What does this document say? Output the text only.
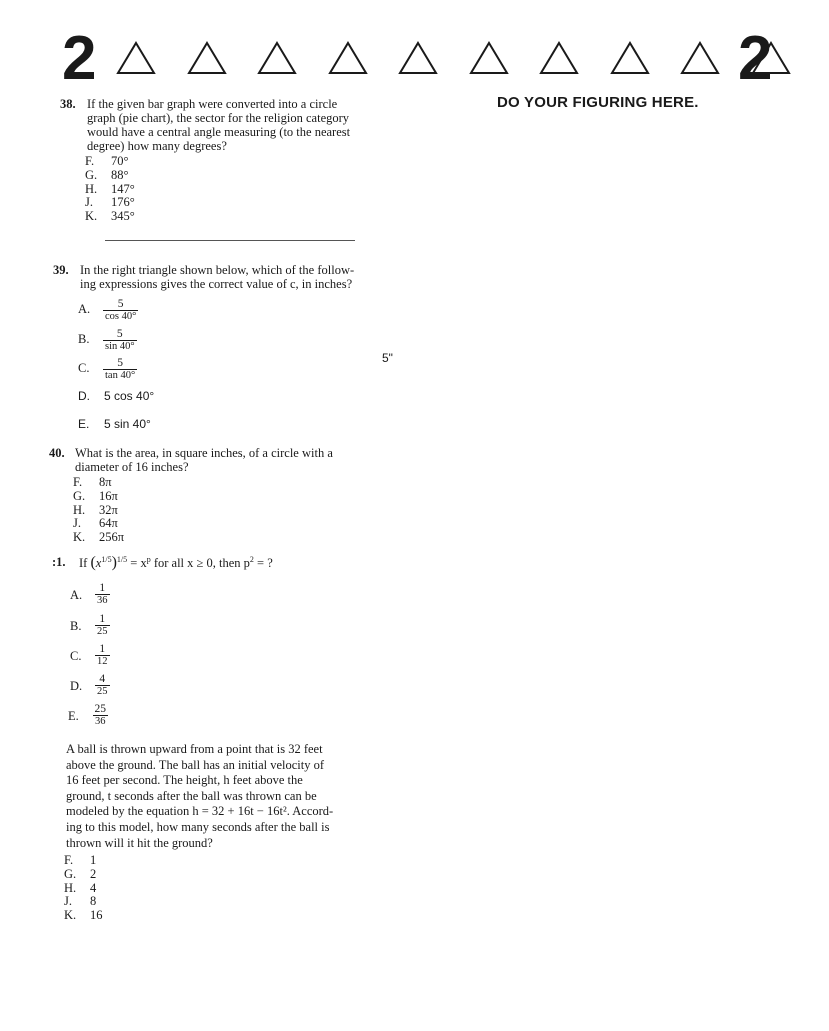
2	2
DO YOUR FIGURING HERE.
38. If the given bar graph were converted into a circle
graph (pie chart), the sector for the religion category
would have a central angle measuring (to the nearest
degree) how many degrees?
F. 70°
G. 88°
H. 147°
J. 176°
K. 345°
39. In the right triangle shown below, which of the follow-
ing expressions gives the correct value of c, in inches?
A. $\frac{5}{\cos 40^\circ}$
B. $\frac{5}{\sin 40^\circ}$
C. $\frac{5}{\tan 40^\circ}$	5"
D. 5 cos 40°
E. 5 sin 40°
40. What is the area, in square inches, of a circle with a
diameter of 16 inches?
F. 8π
G. 16π
H. 32π
J. 64π
K. 256π
:1. If $(x^{1/5})^{1/5} = x^p$ for all x ≥ 0, then $p^2$ = ?
A. $\frac{1}{36}$
B. $\frac{1}{25}$
C. $\frac{1}{12}$
D. $\frac{4}{25}$
E. $\frac{25}{36}$
A ball is thrown upward from a point that is 32 feet
above the ground. The ball has an initial velocity of
16 feet per second. The height, h feet above the
ground, t seconds after the ball was thrown can be
modeled by the equation h = 32 + 16t − 16t². Accord-
ing to this model, how many seconds after the ball is
thrown will it hit the ground?
F. 1
G. 2
H. 4
J. 8
K. 16
